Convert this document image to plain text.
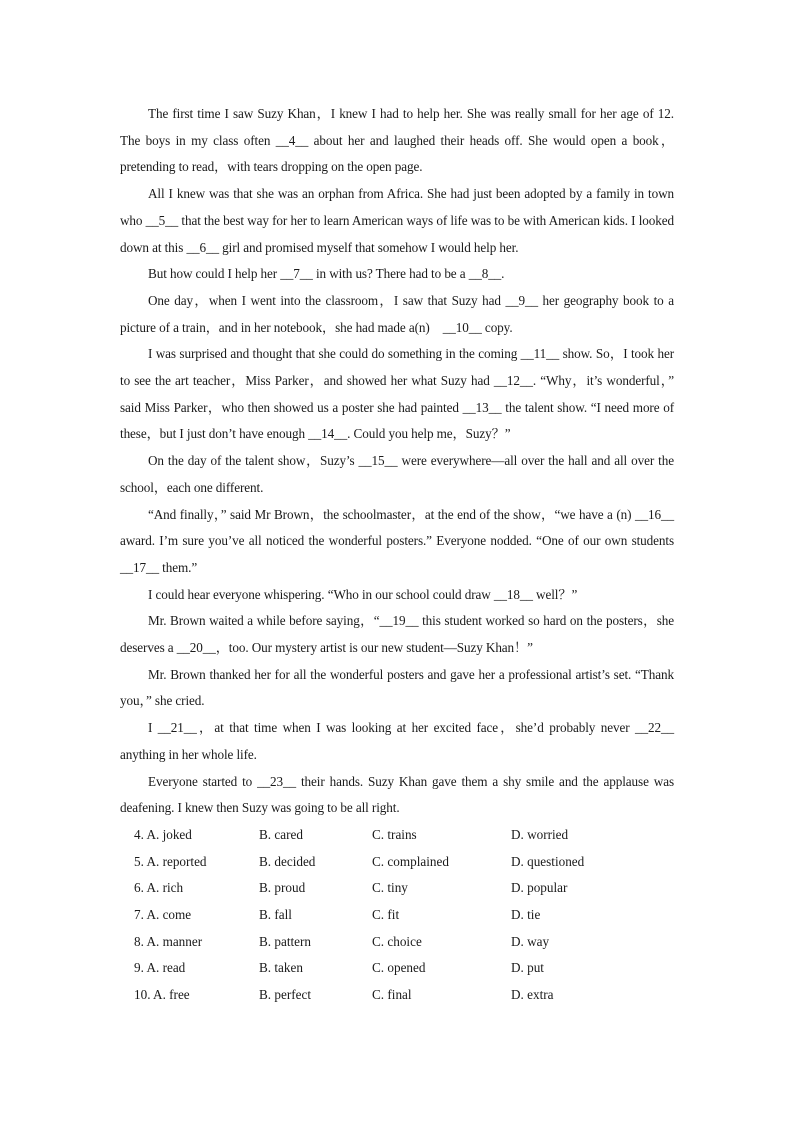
The first time I saw Suzy Khan，I knew I had to help her. She was really small for her age of 12. The boys in my class often __4__ about her and laughed their heads off. She would open a book，pretending to read，with tears dropping on the open page.

All I knew was that she was an orphan from Africa. She had just been adopted by a family in town who __5__ that the best way for her to learn American ways of life was to be with American kids. I looked down at this __6__ girl and promised myself that somehow I would help her.

But how could I help her __7__ in with us? There had to be a __8__.

One day，when I went into the classroom，I saw that Suzy had __9__ her geography book to a picture of a train，and in her notebook，she had made a(n)　__10__ copy.

I was surprised and thought that she could do something in the coming __11__ show. So，I took her to see the art teacher，Miss Parker，and showed her what Suzy had __12__. “Why，it’s wonderful，” said Miss Parker，who then showed us a poster she had painted __13__ the talent show. “I need more of these，but I just don’t have enough __14__. Could you help me，Suzy？”

On the day of the talent show，Suzy’s __15__ were everywhere—all over the hall and all over the school，each one different.

“And finally，” said Mr Brown，the schoolmaster，at the end of the show，“we have a (n) __16__ award. I’m sure you’ve all noticed the wonderful posters.” Everyone nodded. “One of our own students __17__ them.”

I could hear everyone whispering. “Who in our school could draw __18__ well？”

Mr. Brown waited a while before saying，“__19__ this student worked so hard on the posters，she deserves a __20__，too. Our mystery artist is our new student—Suzy Khan！”

Mr. Brown thanked her for all the wonderful posters and gave her a professional artist’s set. “Thank you，” she cried.

I __21__，at that time when I was looking at her excited face，she’d probably never __22__ anything in her whole life.

Everyone started to __23__ their hands. Suzy Khan gave them a shy smile and the applause was deafening. I knew then Suzy was going to be all right.

4. A. joked	B. cared	C. trains	D. worried
5. A. reported	B. decided	C. complained	D. questioned
6. A. rich	B. proud	C. tiny	D. popular
7. A. come	B. fall	C. fit	D. tie
8. A. manner	B. pattern	C. choice	D. way
9. A. read	B. taken	C. opened	D. put
10. A. free	B. perfect	C. final	D. extra
